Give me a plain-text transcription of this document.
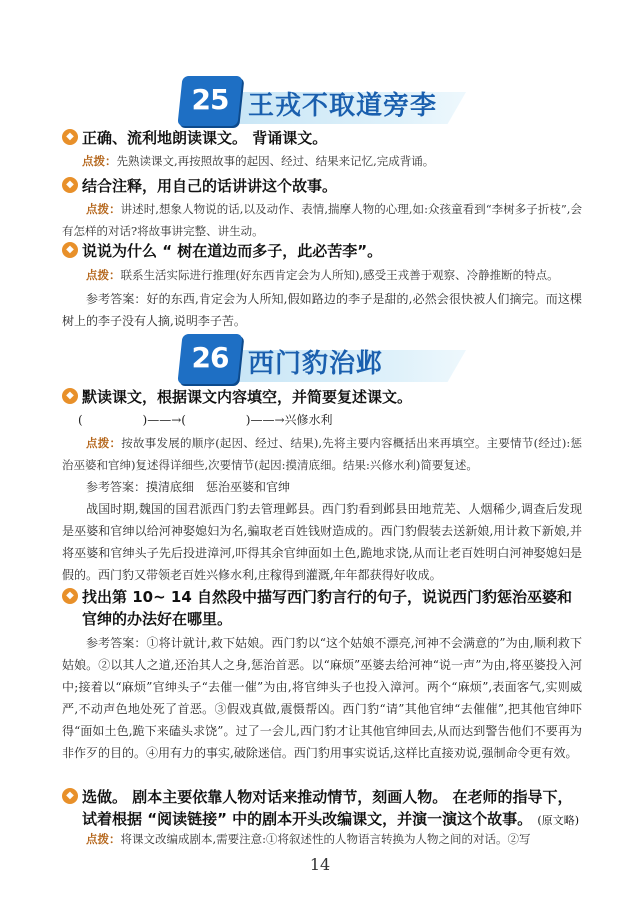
25 王戎不取道旁李
◆ 正确、流利地朗读课文。 背诵课文。
点拨：先熟读课文,再按照故事的起因、经过、结果来记忆,完成背诵。
◆ 结合注释，用自己的话讲讲这个故事。
点拨：讲述时,想象人物说的话,以及动作、表情,揣摩人物的心理,如:众孩童看到“李树多子折枝”,会有怎样的对话?将故事讲完整、讲生动。
◆ 说说为什么 “ 树在道边而多子，此必苦李”。
点拨：联系生活实际进行推理(好东西肯定会为人所知),感受王戎善于观察、冷静推断的特点。
参考答案：好的东西,肯定会为人所知,假如路边的李子是甜的,必然会很快被人们摘完。而这棵树上的李子没有人摘,说明李子苦。
26 西门豹治邺
◆ 默读课文，根据课文内容填空，并简要复述课文。
(	)——→(	)——→兴修水利
点拨：按故事发展的顺序(起因、经过、结果),先将主要内容概括出来再填空。主要情节(经过):惩治巫婆和官绅)复述得详细些,次要情节(起因:摸清底细。结果:兴修水利)简要复述。
参考答案：摸清底细　惩治巫婆和官绅
战国时期,魏国的国君派西门豹去管理邺县。西门豹看到邺县田地荒芜、人烟稀少,调查后发现是巫婆和官绅以给河神娶媳妇为名,骗取老百姓钱财造成的。西门豹假装去送新娘,用计救下新娘,并将巫婆和官绅头子先后投进漳河,吓得其余官绅面如土色,跪地求饶,从而让老百姓明白河神娶媳妇是假的。西门豹又带领老百姓兴修水利,庄稼得到灌溉,年年都获得好收成。
◆ 找出第 10~ 14 自然段中描写西门豹言行的句子，说说西门豹惩治巫婆和官绅的办法好在哪里。
参考答案：①将计就计,救下姑娘。西门豹以“这个姑娘不漂亮,河神不会满意的”为由,顺利救下姑娘。②以其人之道,还治其人之身,惩治首恶。以“麻烦”巫婆去给河神“说一声”为由,将巫婆投入河中;接着以“麻烦”官绅头子“去催一催”为由,将官绅头子也投入漳河。两个“麻烦”,表面客气,实则威严,不动声色地处死了首恶。③假戏真做,震慑帮凶。西门豹“请”其他官绅“去催催”,把其他官绅吓得“面如土色,跪下来磕头求饶”。过了一会儿,西门豹才让其他官绅回去,从而达到警告他们不要再为非作歹的目的。④用有力的事实,破除迷信。西门豹用事实说话,这样比直接劝说,强制命令更有效。
◆ 选做。 剧本主要依靠人物对话来推动情节，刻画人物。 在老师的指导下，试着根据 “阅读链接” 中的剧本开头改编课文，并演一演这个故事。 (原文略)
点拨：将课文改编成剧本,需要注意:①将叙述性的人物语言转换为人物之间的对话。②写
14
